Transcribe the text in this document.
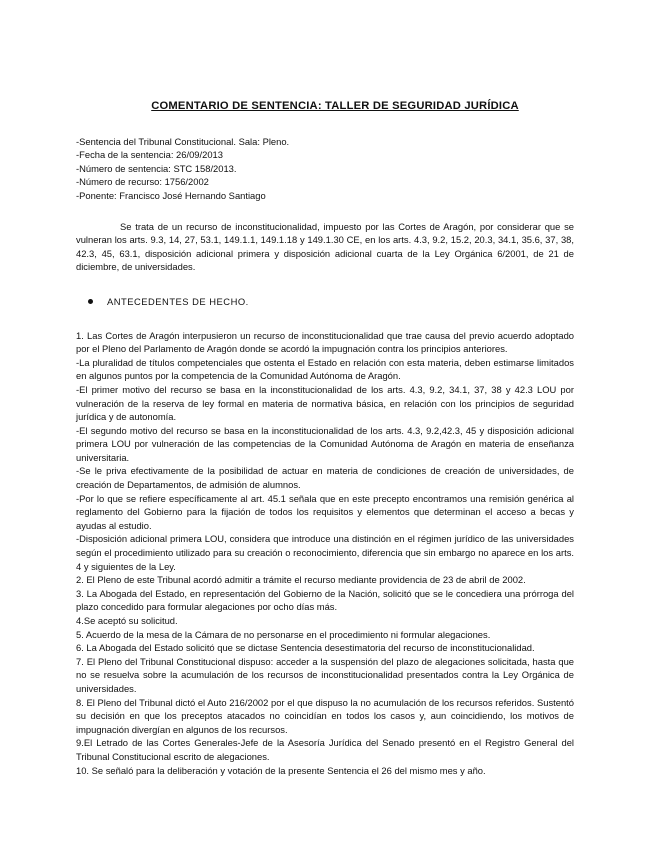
COMENTARIO DE SENTENCIA: TALLER DE SEGURIDAD JURÍDICA

-Sentencia del Tribunal Constitucional. Sala: Pleno.

-Fecha de la sentencia: 26/09/2013

-Número de sentencia: STC 158/2013.

-Número de recurso: 1756/2002

-Ponente: Francisco José Hernando Santiago

Se trata de un recurso de inconstitucionalidad, impuesto por las Cortes de Aragón, por considerar que se vulneran los arts. 9.3, 14, 27, 53.1, 149.1.1, 149.1.18 y 149.1.30 CE, en los arts. 4.3, 9.2, 15.2, 20.3, 34.1, 35.6, 37, 38, 42.3, 45, 63.1, disposición adicional primera y disposición adicional cuarta de la Ley Orgánica 6/2001, de 21 de diciembre, de universidades.

ANTECEDENTES DE HECHO.

1. Las Cortes de Aragón interpusieron un recurso de inconstitucionalidad que trae causa del previo acuerdo adoptado por el Pleno del Parlamento de Aragón donde se acordó la impugnación contra los principios anteriores.

-La pluralidad de títulos competenciales que ostenta el Estado en relación con esta materia, deben estimarse limitados en algunos puntos por la competencia de la Comunidad Autónoma de Aragón.

-El primer motivo del recurso se basa en la inconstitucionalidad de los arts. 4.3, 9.2, 34.1, 37, 38 y 42.3 LOU por vulneración de la reserva de ley formal en materia de normativa básica, en relación con los principios de seguridad jurídica y de autonomía.

-El segundo motivo del recurso se basa en la inconstitucionalidad de los arts. 4.3, 9.2,42.3, 45 y disposición adicional primera LOU por vulneración de las competencias de la Comunidad Autónoma de Aragón en materia de enseñanza universitaria.

-Se le priva efectivamente de la posibilidad de actuar en materia de condiciones de creación de universidades, de creación de Departamentos, de admisión de alumnos.

-Por lo que se refiere específicamente al art. 45.1 señala que en este precepto encontramos una remisión genérica al reglamento del Gobierno para la fijación de todos los requisitos y elementos que determinan el acceso a becas y ayudas al estudio.

-Disposición adicional primera LOU, considera que introduce una distinción en el régimen jurídico de las universidades según el procedimiento utilizado para su creación o reconocimiento, diferencia que sin embargo no aparece en los arts. 4 y siguientes de la Ley.

2. El Pleno de este Tribunal acordó admitir a trámite el recurso mediante providencia de 23 de abril de 2002.

3. La Abogada del Estado, en representación del Gobierno de la Nación, solicitó que se le concediera una prórroga del plazo concedido para formular alegaciones por ocho días más.

4.Se aceptó su solicitud.

5. Acuerdo de la mesa de la Cámara de no personarse en el procedimiento ni formular alegaciones.

6. La Abogada del Estado solicitó que se dictase Sentencia desestimatoria del recurso de inconstitucionalidad.

7. El Pleno del Tribunal Constitucional dispuso: acceder a la suspensión del plazo de alegaciones solicitada, hasta que no se resuelva sobre la acumulación de los recursos de inconstitucionalidad presentados contra la Ley Orgánica de universidades.

8. El Pleno del Tribunal dictó el Auto 216/2002 por el que dispuso la no acumulación de los recursos referidos. Sustentó su decisión en que los preceptos atacados no coincidían en todos los casos y, aun coincidiendo, los motivos de impugnación divergían en algunos de los recursos.

9.El Letrado de las Cortes Generales-Jefe de la Asesoría Jurídica del Senado presentó en el Registro General del Tribunal Constitucional escrito de alegaciones.

10. Se señaló para la deliberación y votación de la presente Sentencia el 26 del mismo mes y año.
